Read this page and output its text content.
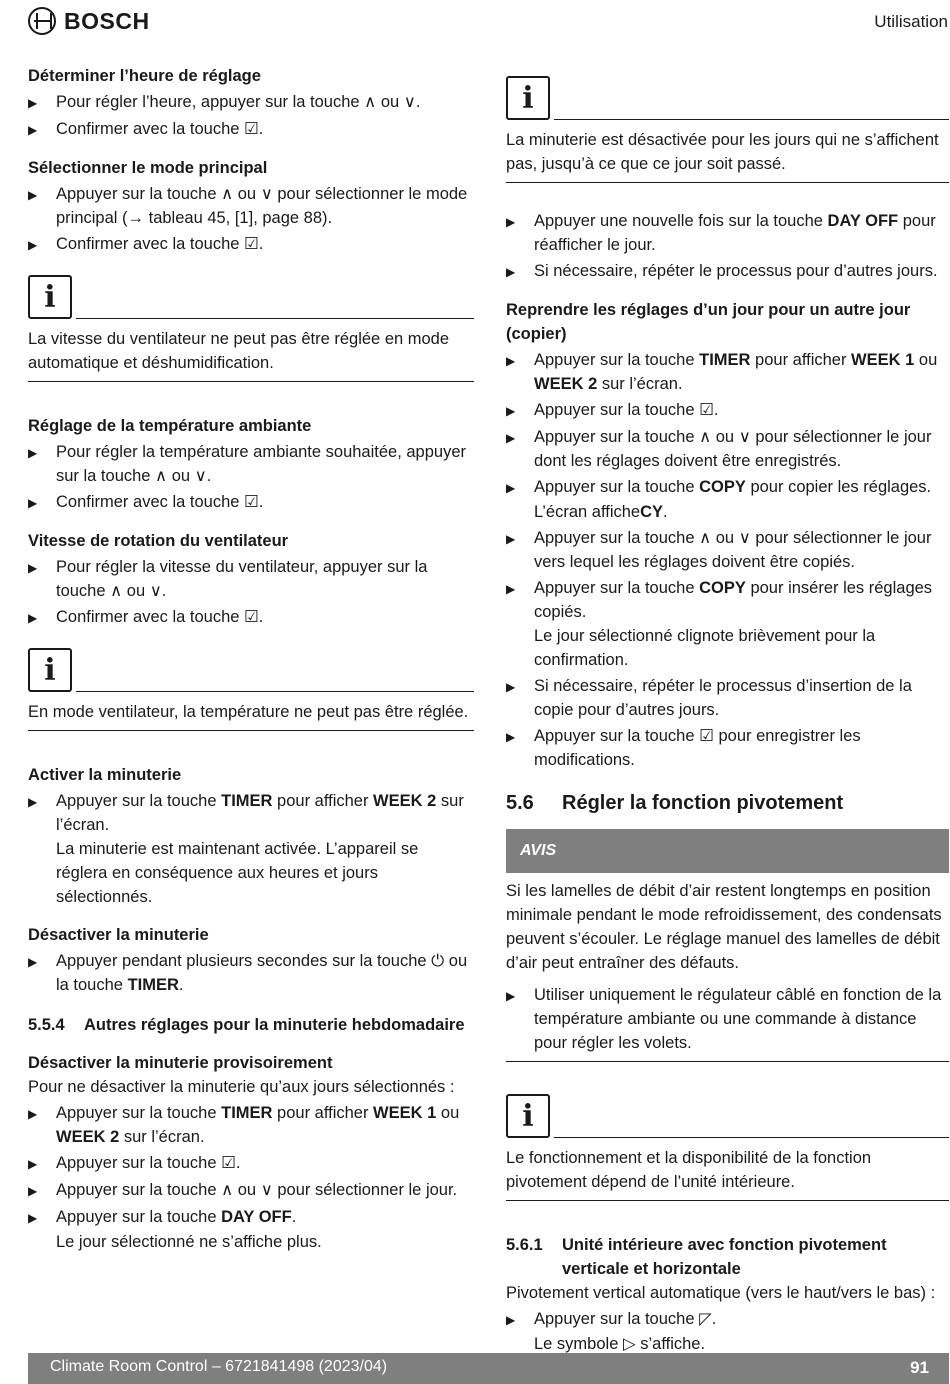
BOSCH	Utilisation
Déterminer l’heure de réglage
▶	Pour régler l’heure, appuyer sur la touche ∧ ou ∨.
▶	Confirmer avec la touche ☑.
Sélectionner le mode principal
▶	Appuyer sur la touche ∧ ou ∨ pour sélectionner le mode principal (→ tableau 45, [1], page 88).
▶	Confirmer avec la touche ☑.
i
La vitesse du ventilateur ne peut pas être réglée en mode automatique et déshumidification.
Réglage de la température ambiante
▶	Pour régler la température ambiante souhaitée, appuyer sur la touche ∧ ou ∨.
▶	Confirmer avec la touche ☑.
Vitesse de rotation du ventilateur
▶	Pour régler la vitesse du ventilateur, appuyer sur la touche ∧ ou ∨.
▶	Confirmer avec la touche ☑.
i
En mode ventilateur, la température ne peut pas être réglée.
Activer la minuterie
▶	Appuyer sur la touche TIMER pour afficher WEEK 2 sur l’écran.
La minuterie est maintenant activée. L’appareil se réglera en conséquence aux heures et jours sélectionnés.
Désactiver la minuterie
▶	Appuyer pendant plusieurs secondes sur la touche ⏻ ou la touche TIMER.
5.5.4	Autres réglages pour la minuterie hebdomadaire
Désactiver la minuterie provisoirement
Pour ne désactiver la minuterie qu’aux jours sélectionnés :
▶	Appuyer sur la touche TIMER pour afficher WEEK 1 ou WEEK 2 sur l’écran.
▶	Appuyer sur la touche ☑.
▶	Appuyer sur la touche ∧ ou ∨ pour sélectionner le jour.
▶	Appuyer sur la touche DAY OFF.
Le jour sélectionné ne s’affiche plus.
i
La minuterie est désactivée pour les jours qui ne s’affichent pas, jusqu’à ce que ce jour soit passé.
▶	Appuyer une nouvelle fois sur la touche DAY OFF pour réafficher le jour.
▶	Si nécessaire, répéter le processus pour d’autres jours.
Reprendre les réglages d’un jour pour un autre jour (copier)
▶	Appuyer sur la touche TIMER pour afficher WEEK 1 ou WEEK 2 sur l’écran.
▶	Appuyer sur la touche ☑.
▶	Appuyer sur la touche ∧ ou ∨ pour sélectionner le jour dont les réglages doivent être enregistrés.
▶	Appuyer sur la touche COPY pour copier les réglages.
L’écran afficheCY.
▶	Appuyer sur la touche ∧ ou ∨ pour sélectionner le jour vers lequel les réglages doivent être copiés.
▶	Appuyer sur la touche COPY pour insérer les réglages copiés.
Le jour sélectionné clignote brièvement pour la confirmation.
▶	Si nécessaire, répéter le processus d’insertion de la copie pour d’autres jours.
▶	Appuyer sur la touche ☑ pour enregistrer les modifications.
5.6	Régler la fonction pivotement
AVIS
Si les lamelles de débit d’air restent longtemps en position minimale pendant le mode refroidissement, des condensats peuvent s’écouler. Le réglage manuel des lamelles de débit d’air peut entraîner des défauts.
▶	Utiliser uniquement le régulateur câblé en fonction de la température ambiante ou une commande à distance pour régler les volets.
i
Le fonctionnement et la disponibilité de la fonction pivotement dépend de l’unité intérieure.
5.6.1	Unité intérieure avec fonction pivotement verticale et horizontale
Pivotement vertical automatique (vers le haut/vers le bas) :
▶	Appuyer sur la touche ◸.
Le symbole ▷ s’affiche.
Climate Room Control – 6721841498 (2023/04)	91
